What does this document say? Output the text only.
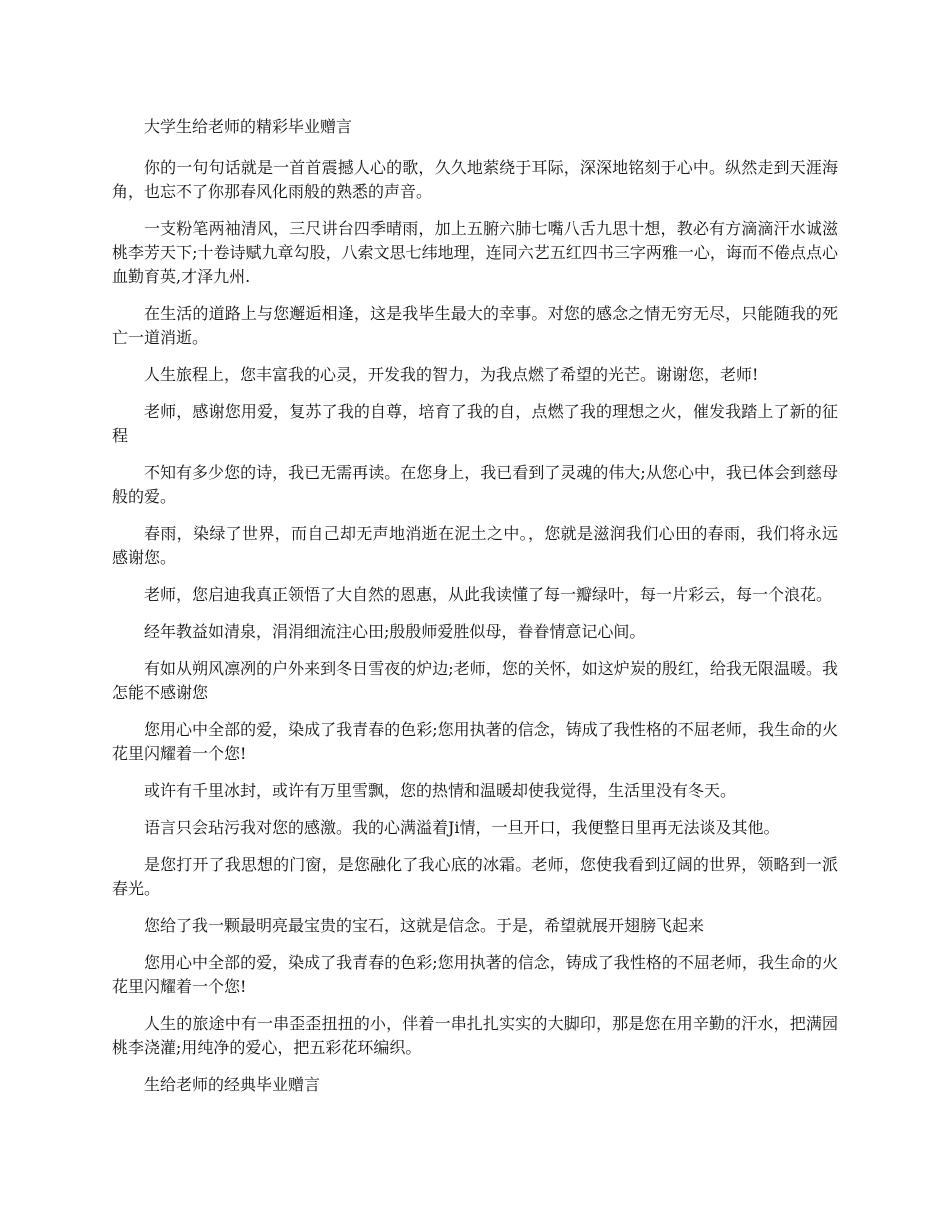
大学生给老师的精彩毕业赠言

你的一句句话就是一首首震撼人心的歌，久久地萦绕于耳际，深深地铭刻于心中。纵然走到天涯海角，也忘不了你那春风化雨般的熟悉的声音。

一支粉笔两袖清风，三尺讲台四季晴雨，加上五腑六肺七嘴八舌九思十想，教必有方滴滴汗水诚滋桃李芳天下;十卷诗赋九章勾股，八索文思七纬地理，连同六艺五红四书三字两雅一心，诲而不倦点点心血勤育英,才泽九州.

在生活的道路上与您邂逅相逢，这是我毕生最大的幸事。对您的感念之情无穷无尽，只能随我的死亡一道消逝。

人生旅程上，您丰富我的心灵，开发我的智力，为我点燃了希望的光芒。谢谢您，老师!

老师，感谢您用爱，复苏了我的自尊，培育了我的自，点燃了我的理想之火，催发我踏上了新的征程

不知有多少您的诗，我已无需再读。在您身上，我已看到了灵魂的伟大;从您心中，我已体会到慈母般的爱。

春雨，染绿了世界，而自己却无声地消逝在泥土之中。，您就是滋润我们心田的春雨，我们将永远感谢您。

老师，您启迪我真正领悟了大自然的恩惠，从此我读懂了每一瓣绿叶，每一片彩云，每一个浪花。

经年教益如清泉，涓涓细流注心田;殷殷师爱胜似母，眷眷情意记心间。

有如从朔风凛冽的户外来到冬日雪夜的炉边;老师，您的关怀，如这炉炭的殷红，给我无限温暖。我怎能不感谢您

您用心中全部的爱，染成了我青春的色彩;您用执著的信念，铸成了我性格的不屈老师，我生命的火花里闪耀着一个您!

或许有千里冰封，或许有万里雪飘，您的热情和温暖却使我觉得，生活里没有冬天。

语言只会玷污我对您的感激。我的心满溢着Ji情，一旦开口，我便整日里再无法谈及其他。

是您打开了我思想的门窗，是您融化了我心底的冰霜。老师，您使我看到辽阔的世界，领略到一派春光。

您给了我一颗最明亮最宝贵的宝石，这就是信念。于是，希望就展开翅膀飞起来

您用心中全部的爱，染成了我青春的色彩;您用执著的信念，铸成了我性格的不屈老师，我生命的火花里闪耀着一个您!

人生的旅途中有一串歪歪扭扭的小，伴着一串扎扎实实的大脚印，那是您在用辛勤的汗水，把满园桃李浇灌;用纯净的爱心，把五彩花环编织。

生给老师的经典毕业赠言
